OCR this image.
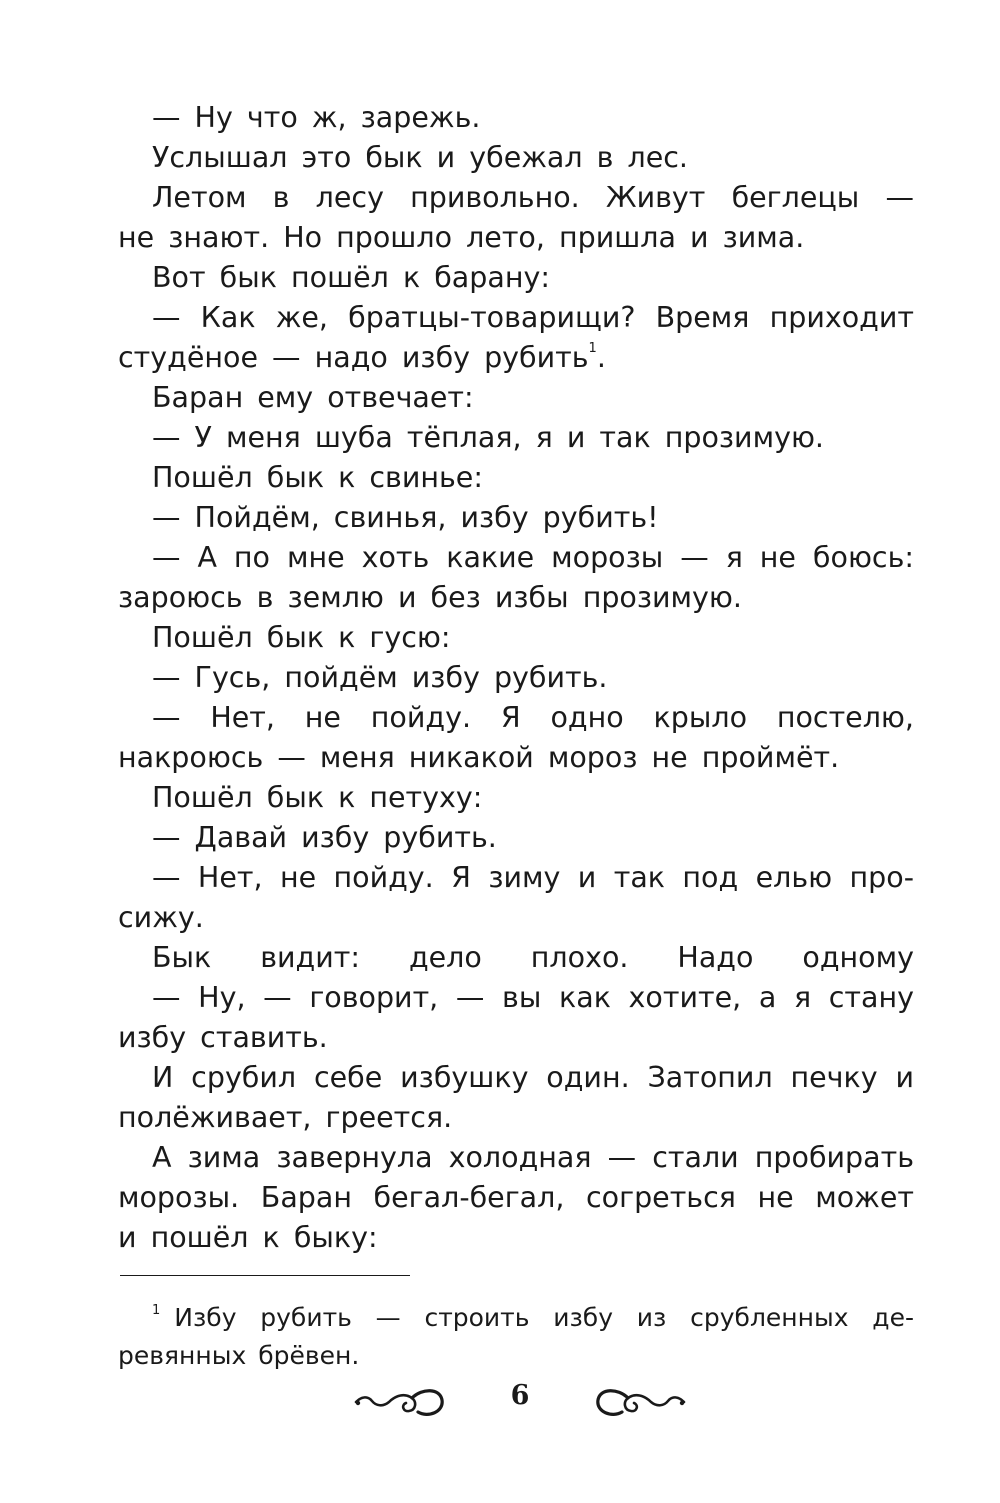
— Ну что ж, зарежь.
Услышал это бык и убежал в лес.
Летом в лесу привольно. Живут беглецы —
не знают. Но прошло лето, пришла и зима.
Вот бык пошёл к барану:
— Как же, братцы-товарищи? Время приходит
студёное — надо избу рубить$^1$.
Баран ему отвечает:
— У меня шуба тёплая, я и так прозимую.
Пошёл бык к свинье:
— Пойдём, свинья, избу рубить!
— А по мне хоть какие морозы — я не боюсь:
зароюсь в землю и без избы прозимую.
Пошёл бык к гусю:
— Гусь, пойдём избу рубить.
— Нет, не пойду. Я одно крыло постелю,
накроюсь — меня никакой мороз не проймёт.
Пошёл бык к петуху:
— Давай избу рубить.
— Нет, не пойду. Я зиму и так под елью про-
сижу.
Бык видит: дело плохо. Надо одному
— Ну, — говорит, — вы как хотите, а я стану
избу ставить.
И срубил себе избушку один. Затопил печку и
полёживает, греется.
А зима завернула холодная — стали пробирать
морозы. Баран бегал-бегал, согреться не может
и пошёл к быку:
$^1$ Избу рубить — строить избу из срубленных де-
ревянных брёвен.
6
